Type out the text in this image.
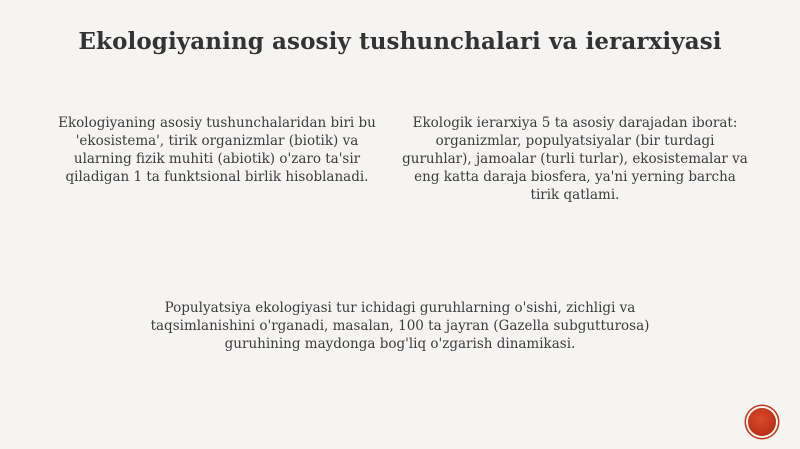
Ekologiyaning asosiy tushunchalari va ierarxiyasi

Ekologiyaning asosiy tushunchalaridan biri bu 'ekosistema', tirik organizmlar (biotik) va ularning fizik muhiti (abiotik) o'zaro ta'sir qiladigan 1 ta funktsional birlik hisoblanadi.

Ekologik ierarxiya 5 ta asosiy darajadan iborat: organizmlar, populyatsiyalar (bir turdagi guruhlar), jamoalar (turli turlar), ekosistemalar va eng katta daraja biosfera, ya'ni yerning barcha tirik qatlami.

Populyatsiya ekologiyasi tur ichidagi guruhlarning o'sishi, zichligi va taqsimlanishini o'rganadi, masalan, 100 ta jayran (Gazella subgutturosa) guruhining maydonga bog'liq o'zgarish dinamikasi.
